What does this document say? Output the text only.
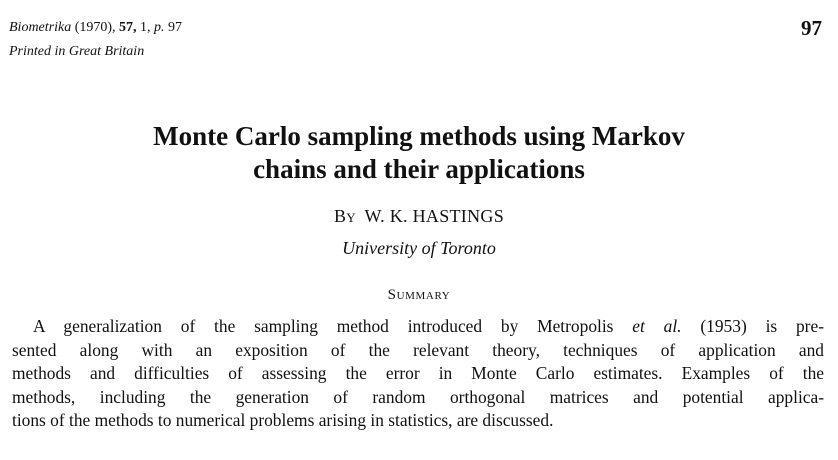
Biometrika (1970), 57, 1, p. 97
Printed in Great Britain
97
Monte Carlo sampling methods using Markov
chains and their applications
By W. K. HASTINGS
University of Toronto
Summary
A generalization of the sampling method introduced by Metropolis et al. (1953) is pre-
sented along with an exposition of the relevant theory, techniques of application and
methods and difficulties of assessing the error in Monte Carlo estimates. Examples of the
methods, including the generation of random orthogonal matrices and potential applica-
tions of the methods to numerical problems arising in statistics, are discussed.
